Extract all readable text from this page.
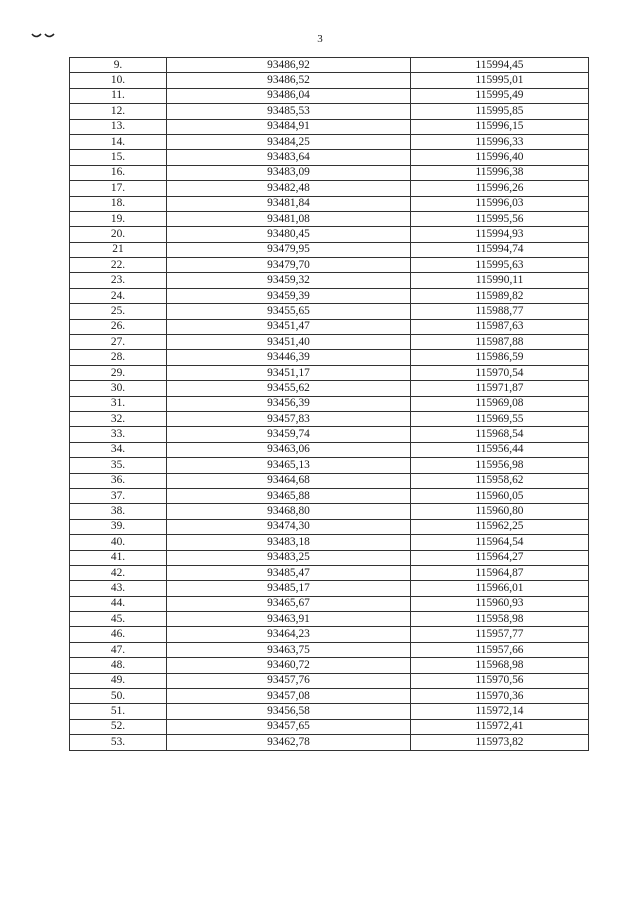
3
9.	93486,92	115994,45
10.	93486,52	115995,01
11.	93486,04	115995,49
12.	93485,53	115995,85
13.	93484,91	115996,15
14.	93484,25	115996,33
15.	93483,64	115996,40
16.	93483,09	115996,38
17.	93482,48	115996,26
18.	93481,84	115996,03
19.	93481,08	115995,56
20.	93480,45	115994,93
21	93479,95	115994,74
22.	93479,70	115995,63
23.	93459,32	115990,11
24.	93459,39	115989,82
25.	93455,65	115988,77
26.	93451,47	115987,63
27.	93451,40	115987,88
28.	93446,39	115986,59
29.	93451,17	115970,54
30.	93455,62	115971,87
31.	93456,39	115969,08
32.	93457,83	115969,55
33.	93459,74	115968,54
34.	93463,06	115956,44
35.	93465,13	115956,98
36.	93464,68	115958,62
37.	93465,88	115960,05
38.	93468,80	115960,80
39.	93474,30	115962,25
40.	93483,18	115964,54
41.	93483,25	115964,27
42.	93485,47	115964,87
43.	93485,17	115966,01
44.	93465,67	115960,93
45.	93463,91	115958,98
46.	93464,23	115957,77
47.	93463,75	115957,66
48.	93460,72	115968,98
49.	93457,76	115970,56
50.	93457,08	115970,36
51.	93456,58	115972,14
52.	93457,65	115972,41
53.	93462,78	115973,82
